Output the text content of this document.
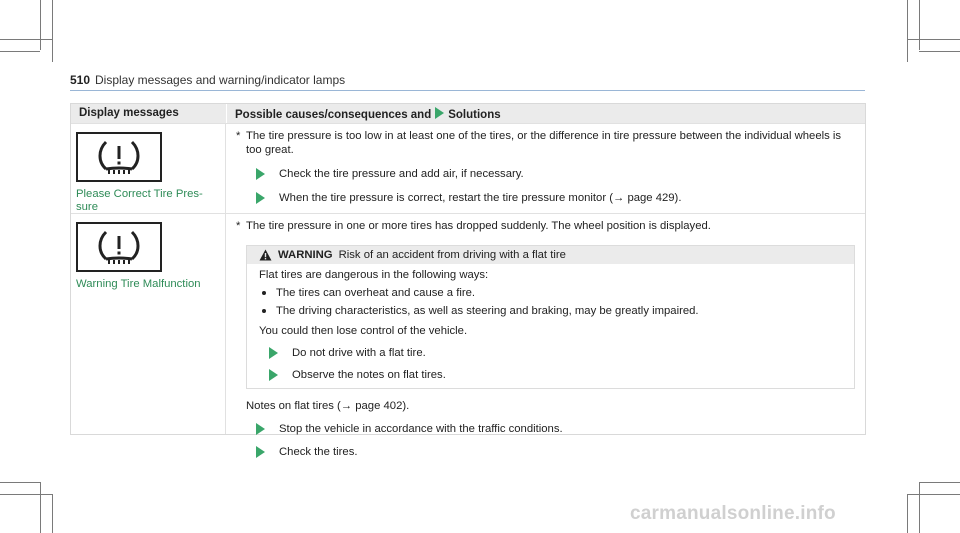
510 Display messages and warning/indicator lamps
Display messages	Possible causes/consequences and Solutions
Please Correct Tire Pres- sure
* The tire pressure is too low in at least one of the tires, or the difference in tire pressure between the individual wheels is too great.
Check the tire pressure and add air, if necessary.
When the tire pressure is correct, restart the tire pressure monitor (→ page 429).
Warning Tire Malfunction
* The tire pressure in one or more tires has dropped suddenly. The wheel position is displayed.
WARNING Risk of an accident from driving with a flat tire
Flat tires are dangerous in the following ways:
The tires can overheat and cause a fire.
The driving characteristics, as well as steering and braking, may be greatly impaired.
You could then lose control of the vehicle.
Do not drive with a flat tire.
Observe the notes on flat tires.
Notes on flat tires (→ page 402).
Stop the vehicle in accordance with the traffic conditions.
Check the tires.
carmanualsonline.info
